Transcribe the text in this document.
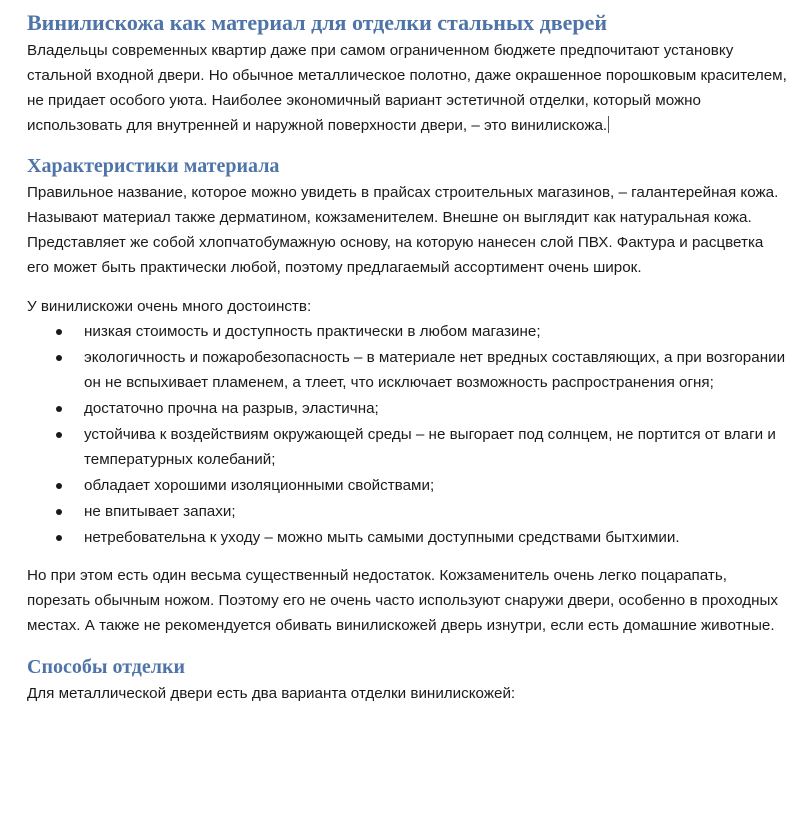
Винилискожа как материал для отделки стальных дверей

Владельцы современных квартир даже при самом ограниченном бюджете предпочитают установку стальной входной двери. Но обычное металлическое полотно, даже окрашенное порошковым красителем, не придает особого уюта. Наиболее экономичный вариант эстетичной отделки, который можно использовать для внутренней и наружной поверхности двери, – это винилискожа.

Характеристики материала

Правильное название, которое можно увидеть в прайсах строительных магазинов, – галантерейная кожа. Называют материал также дерматином, кожзаменителем. Внешне он выглядит как натуральная кожа. Представляет же собой хлопчатобумажную основу, на которую нанесен слой ПВХ. Фактура и расцветка его может быть практически любой, поэтому предлагаемый ассортимент очень широк.

У винилискожи очень много достоинств:

низкая стоимость и доступность практически в любом магазине;
экологичность и пожаробезопасность – в материале нет вредных составляющих, а при возгорании он не вспыхивает пламенем, а тлеет, что исключает возможность распространения огня;
достаточно прочна на разрыв, эластична;
устойчива к воздействиям окружающей среды – не выгорает под солнцем, не портится от влаги и температурных колебаний;
обладает хорошими изоляционными свойствами;
не впитывает запахи;
нетребовательна к уходу – можно мыть самыми доступными средствами бытхимии.

Но при этом есть один весьма существенный недостаток. Кожзаменитель очень легко поцарапать, порезать обычным ножом. Поэтому его не очень часто используют снаружи двери, особенно в проходных местах. А также не рекомендуется обивать винилискожей дверь изнутри, если есть домашние животные.

Способы отделки

Для металлической двери есть два варианта отделки винилискожей:
